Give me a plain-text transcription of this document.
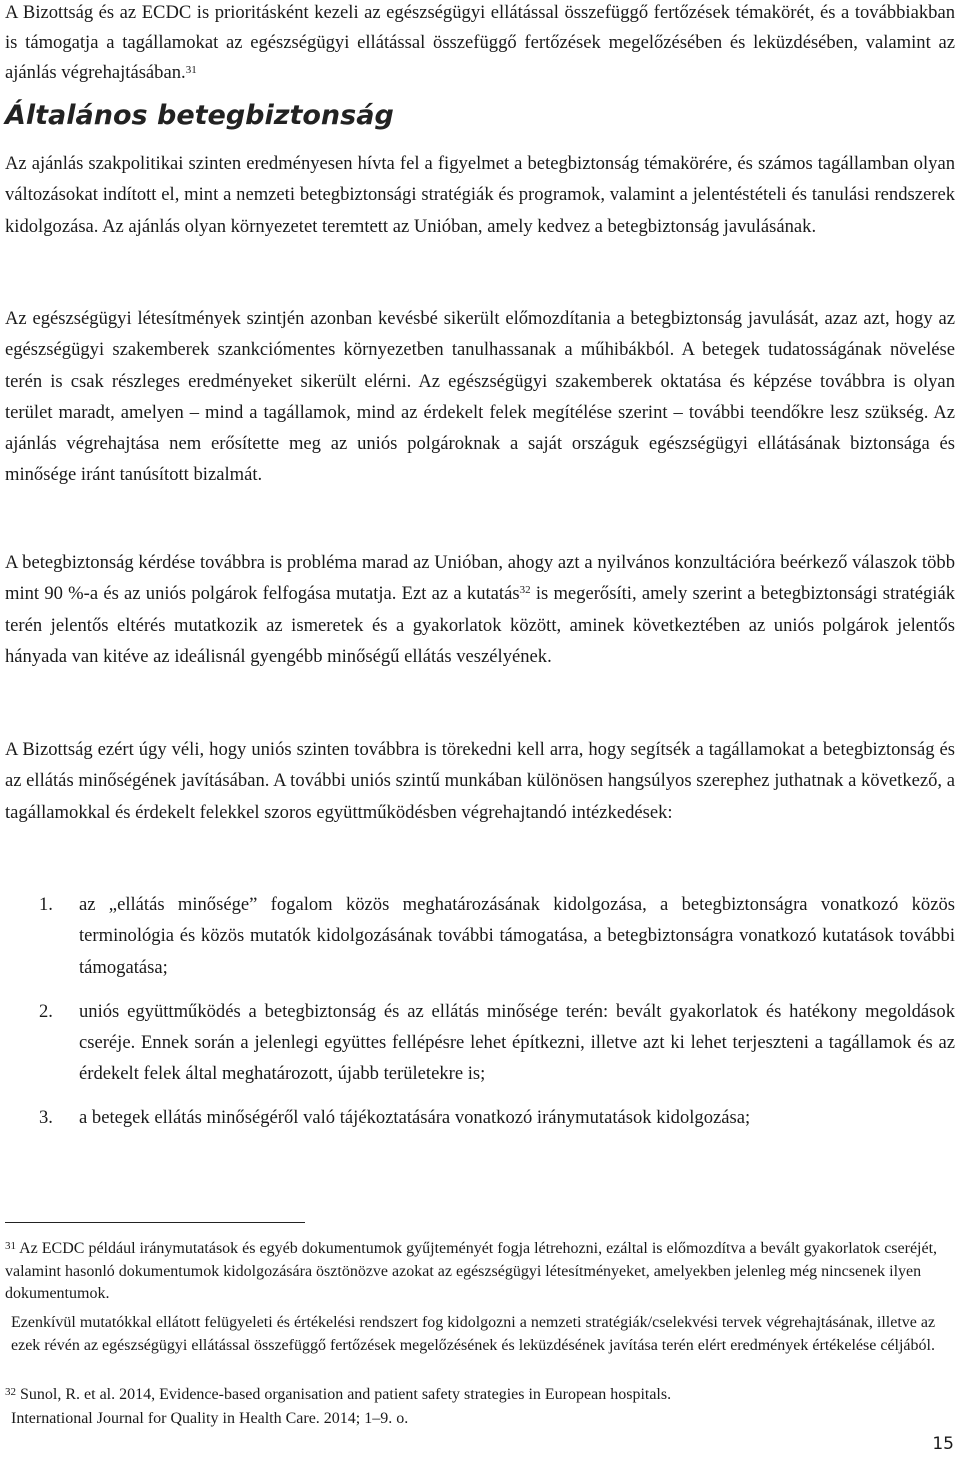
A Bizottság és az ECDC is prioritásként kezeli az egészségügyi ellátással összefüggő fertőzések témakörét, és a továbbiakban is támogatja a tagállamokat az egészségügyi ellátással összefüggő fertőzések megelőzésében és leküzdésében, valamint az ajánlás végrehajtásában.$^{31}$

Általános betegbiztonság

Az ajánlás szakpolitikai szinten eredményesen hívta fel a figyelmet a betegbiztonság témakörére, és számos tagállamban olyan változásokat indított el, mint a nemzeti betegbiztonsági stratégiák és programok, valamint a jelentéstételi és tanulási rendszerek kidolgozása. Az ajánlás olyan környezetet teremtett az Unióban, amely kedvez a betegbiztonság javulásának.

Az egészségügyi létesítmények szintjén azonban kevésbé sikerült előmozdítania a betegbiztonság javulását, azaz azt, hogy az egészségügyi szakemberek szankciómentes környezetben tanulhassanak a műhibákból. A betegek tudatosságának növelése terén is csak részleges eredményeket sikerült elérni. Az egészségügyi szakemberek oktatása és képzése továbbra is olyan terület maradt, amelyen – mind a tagállamok, mind az érdekelt felek megítélése szerint – további teendőkre lesz szükség. Az ajánlás végrehajtása nem erősítette meg az uniós polgároknak a saját országuk egészségügyi ellátásának biztonsága és minősége iránt tanúsított bizalmát.

A betegbiztonság kérdése továbbra is probléma marad az Unióban, ahogy azt a nyilvános konzultációra beérkező válaszok több mint 90 %-a és az uniós polgárok felfogása mutatja. Ezt az a kutatás$^{32}$ is megerősíti, amely szerint a betegbiztonsági stratégiák terén jelentős eltérés mutatkozik az ismeretek és a gyakorlatok között, aminek következtében az uniós polgárok jelentős hányada van kitéve az ideálisnál gyengébb minőségű ellátás veszélyének.

A Bizottság ezért úgy véli, hogy uniós szinten továbbra is törekedni kell arra, hogy segítsék a tagállamokat a betegbiztonság és az ellátás minőségének javításában. A további uniós szintű munkában különösen hangsúlyos szerephez juthatnak a következő, a tagállamokkal és érdekelt felekkel szoros együttműködésben végrehajtandó intézkedések:

1. az „ellátás minősége” fogalom közös meghatározásának kidolgozása, a betegbiztonságra vonatkozó közös terminológia és közös mutatók kidolgozásának további támogatása, a betegbiztonságra vonatkozó kutatások további támogatása;
2. uniós együttműködés a betegbiztonság és az ellátás minősége terén: bevált gyakorlatok és hatékony megoldások cseréje. Ennek során a jelenlegi együttes fellépésre lehet építkezni, illetve azt ki lehet terjeszteni a tagállamok és az érdekelt felek által meghatározott, újabb területekre is;
3. a betegek ellátás minőségéről való tájékoztatására vonatkozó iránymutatások kidolgozása;

$^{31}$ Az ECDC például iránymutatások és egyéb dokumentumok gyűjteményét fogja létrehozni, ezáltal is előmozdítva a bevált gyakorlatok cseréjét, valamint hasonló dokumentumok kidolgozására ösztönözve azokat az egészségügyi létesítményeket, amelyekben jelenleg még nincsenek ilyen dokumentumok.

Ezenkívül mutatókkal ellátott felügyeleti és értékelési rendszert fog kidolgozni a nemzeti stratégiák/cselekvési tervek végrehajtásának, illetve az ezek révén az egészségügyi ellátással összefüggő fertőzések megelőzésének és leküzdésének javítása terén elért eredmények értékelése céljából.

$^{32}$ Sunol, R. et al. 2014, Evidence-based organisation and patient safety strategies in European hospitals.

International Journal for Quality in Health Care. 2014; 1–9. o.

15
